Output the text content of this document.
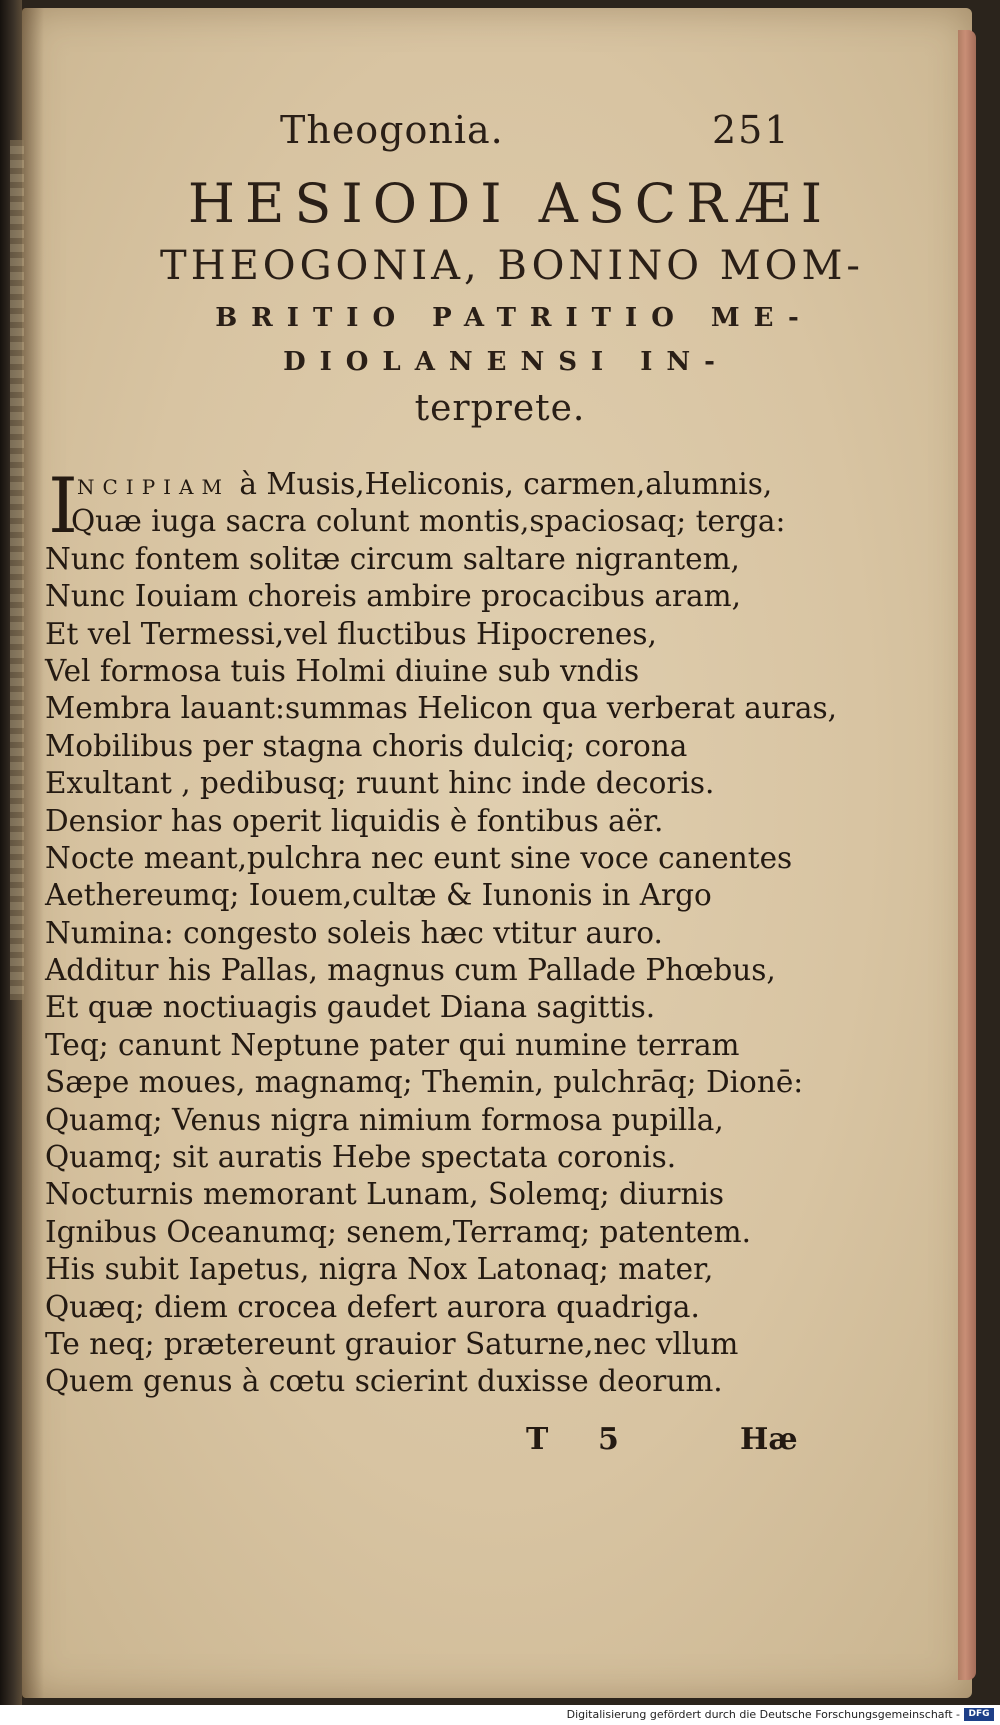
Theogonia.	251
HESIODI ASCRÆI
THEOGONIA, BONINO MOM-
BRITIO PATRITIO ME-
DIOLANENSI IN-
terprete.
I
NCIPIAM à Musis,Heliconis, carmen,alumnis,
Quæ iuga sacra colunt montis,spaciosaq; terga:
Nunc fontem solitæ circum saltare nigrantem,
Nunc Iouiam choreis ambire procacibus aram,
Et vel Termessi,vel fluctibus Hipocrenes,
Vel formosa tuis Holmi diuine sub vndis
Membra lauant:summas Helicon qua verberat auras,
Mobilibus per stagna choris dulciq; corona
Exultant , pedibusq; ruunt hinc inde decoris.
Densior has operit liquidis è fontibus aër.
Nocte meant,pulchra nec eunt sine voce canentes
Aethereumq; Iouem,cultæ & Iunonis in Argo
Numina: congesto soleis hæc vtitur auro.
Additur his Pallas, magnus cum Pallade Phœbus,
Et quæ noctiuagis gaudet Diana sagittis.
Teq; canunt Neptune pater qui numine terram
Sæpe moues, magnamq; Themin, pulchrāq; Dionē:
Quamq; Venus nigra nimium formosa pupilla,
Quamq; sit auratis Hebe spectata coronis.
Nocturnis memorant Lunam, Solemq; diurnis
Ignibus Oceanumq; senem,Terramq; patentem.
His subit Iapetus, nigra Nox Latonaq; mater,
Quæq; diem crocea defert aurora quadriga.
Te neq; prætereunt grauior Saturne,nec vllum
Quem genus à cœtu scierint duxisse deorum.
T 5	Hæ
Digitalisierung gefördert durch die Deutsche Forschungsgemeinschaft - DFG
